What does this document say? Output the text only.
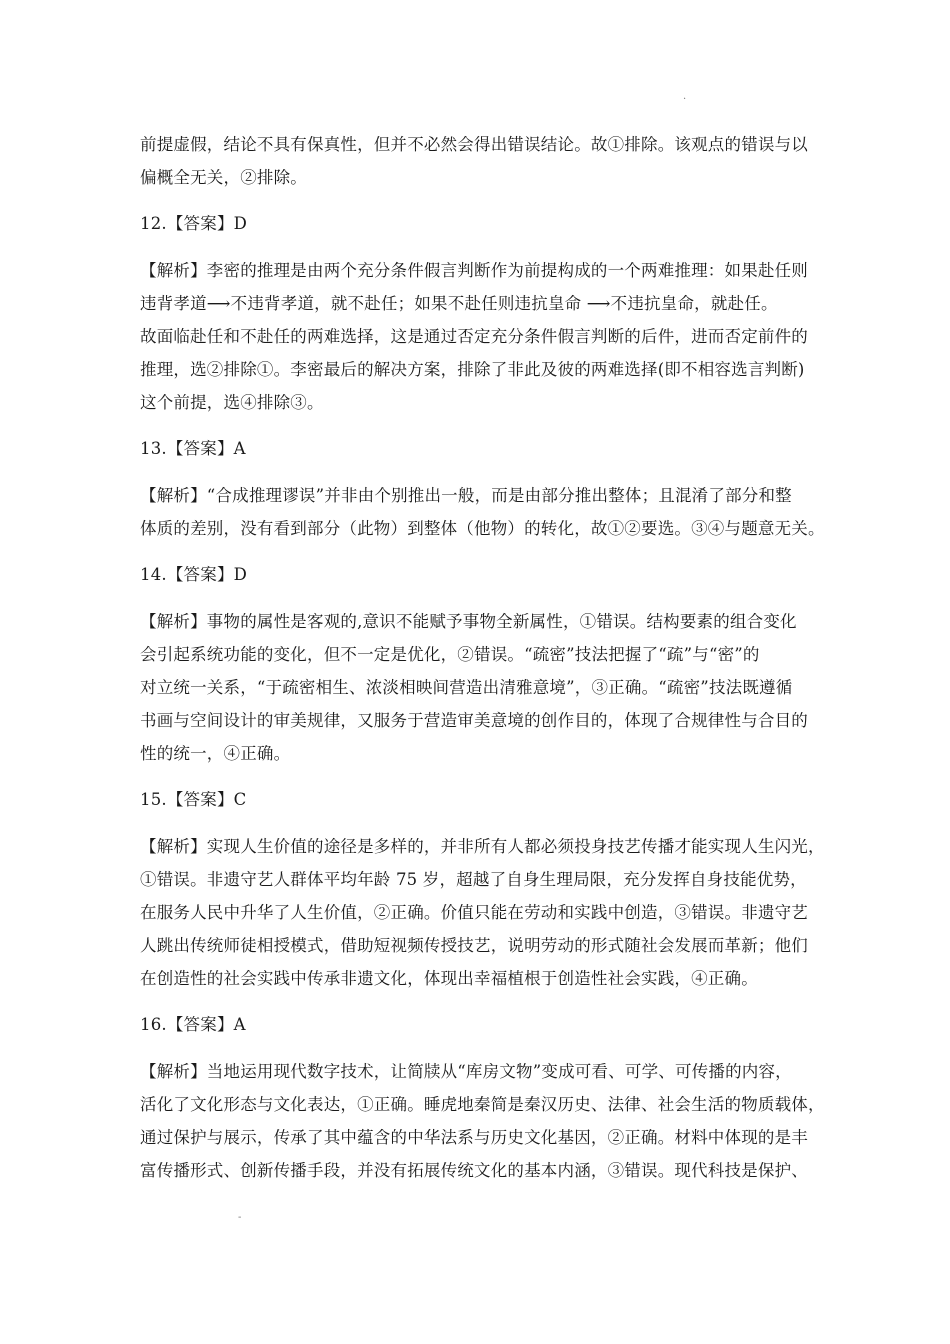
.
前提虚假，结论不具有保真性，但并不必然会得出错误结论。故①排除。该观点的错误与以
偏概全无关，②排除。
12.【答案】D
【解析】李密的推理是由两个充分条件假言判断作为前提构成的一个两难推理：如果赴任则
违背孝道⟶不违背孝道，就不赴任；如果不赴任则违抗皇命 ⟶不违抗皇命，就赴任。
故面临赴任和不赴任的两难选择，这是通过否定充分条件假言判断的后件，进而否定前件的
推理，选②排除①。李密最后的解决方案，排除了非此及彼的两难选择(即不相容选言判断)
这个前提，选④排除③。
13.【答案】A
【解析】“合成推理谬误”并非由个别推出一般，而是由部分推出整体；且混淆了部分和整
体质的差别，没有看到部分（此物）到整体（他物）的转化，故①②要选。③④与题意无关。
14.【答案】D
【解析】事物的属性是客观的,意识不能赋予事物全新属性，①错误。结构要素的组合变化
会引起系统功能的变化，但不一定是优化，②错误。“疏密”技法把握了“疏”与“密”的
对立统一关系，“于疏密相生、浓淡相映间营造出清雅意境”，③正确。“疏密”技法既遵循
书画与空间设计的审美规律，又服务于营造审美意境的创作目的，体现了合规律性与合目的
性的统一，④正确。
15.【答案】C
【解析】实现人生价值的途径是多样的，并非所有人都必须投身技艺传播才能实现人生闪光，
①错误。非遗守艺人群体平均年龄 75 岁，超越了自身生理局限，充分发挥自身技能优势，
在服务人民中升华了人生价值，②正确。价值只能在劳动和实践中创造，③错误。非遗守艺
人跳出传统师徒相授模式，借助短视频传授技艺，说明劳动的形式随社会发展而革新；他们
在创造性的社会实践中传承非遗文化，体现出幸福植根于创造性社会实践，④正确。
16.【答案】A
【解析】当地运用现代数字技术，让简牍从“库房文物”变成可看、可学、可传播的内容，
活化了文化形态与文化表达，①正确。睡虎地秦简是秦汉历史、法律、社会生活的物质载体，
通过保护与展示，传承了其中蕴含的中华法系与历史文化基因，②正确。材料中体现的是丰
富传播形式、创新传播手段，并没有拓展传统文化的基本内涵，③错误。现代科技是保护、
-
